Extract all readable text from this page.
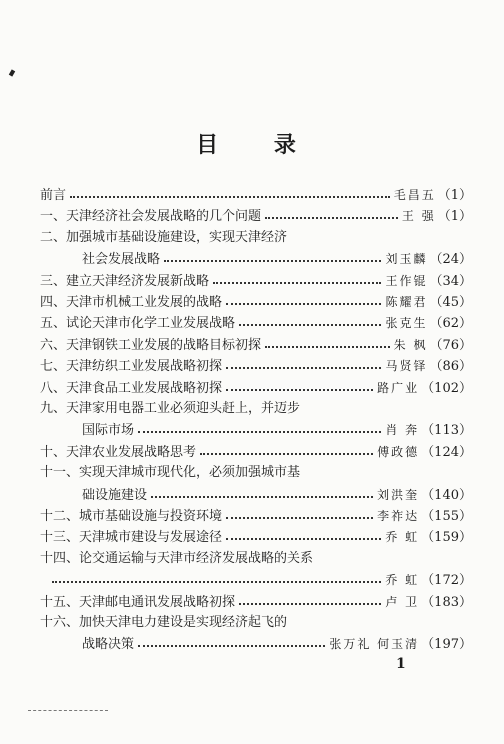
目 录
前言	毛昌五 （1）
一、天津经济社会发展战略的几个问题	王 强 （1）
二、加强城市基础设施建设，实现天津经济
社会发展战略	刘玉麟 （24）
三、建立天津经济发展新战略	王作锟 （34）
四、天津市机械工业发展的战略	陈耀君 （45）
五、试论天津市化学工业发展战略	张克生 （62）
六、天津钢铁工业发展的战略目标初探	朱 枫 （76）
七、天津纺织工业发展战略初探	马贤铎 （86）
八、天津食品工业发展战略初探	路广业 （102）
九、天津家用电器工业必须迎头赶上，并迈步
国际市场	肖 奔 （113）
十、天津农业发展战略思考	傅政德 （124）
十一、实现天津城市现代化，必须加强城市基
础设施建设	刘洪奎 （140）
十二、城市基础设施与投资环境	李祚达 （155）
十三、天津城市建设与发展途径	乔 虹 （159）
十四、论交通运输与天津市经济发展战略的关系
乔 虹 （172）
十五、天津邮电通讯发展战略初探	卢 卫 （183）
十六、加快天津电力建设是实现经济起飞的
战略决策	张万礼 何玉清 （197）
1
